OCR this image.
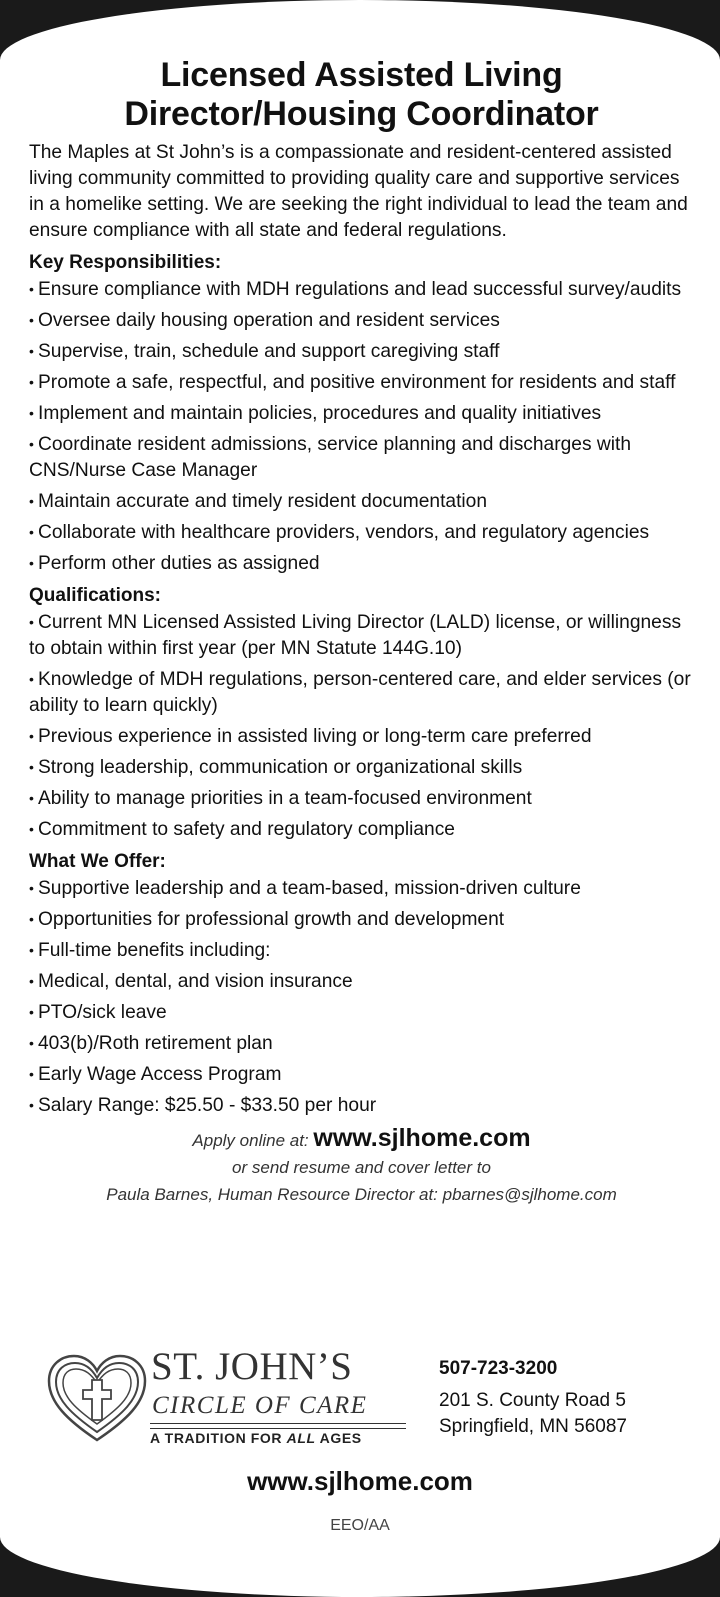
Licensed Assisted Living
Director/Housing Coordinator

The Maples at St John’s is a compassionate and resident-centered assisted living community committed to providing quality care and supportive services in a homelike setting. We are seeking the right individual to lead the team and ensure compliance with all state and federal regulations.

Key Responsibilities:

• Ensure compliance with MDH regulations and lead successful survey/audits
• Oversee daily housing operation and resident services
• Supervise, train, schedule and support caregiving staff
• Promote a safe, respectful, and positive environment for residents and staff
• Implement and maintain policies, procedures and quality initiatives
• Coordinate resident admissions, service planning and discharges with CNS/Nurse Case Manager
• Maintain accurate and timely resident documentation
• Collaborate with healthcare providers, vendors, and regulatory agencies
• Perform other duties as assigned

Qualifications:

• Current MN Licensed Assisted Living Director (LALD) license, or willingness to obtain within first year (per MN Statute 144G.10)
• Knowledge of MDH regulations, person-centered care, and elder services (or ability to learn quickly)
• Previous experience in assisted living or long-term care preferred
• Strong leadership, communication or organizational skills
• Ability to manage priorities in a team-focused environment
• Commitment to safety and regulatory compliance

What We Offer:

• Supportive leadership and a team-based, mission-driven culture
• Opportunities for professional growth and development
• Full-time benefits including:
• Medical, dental, and vision insurance
• PTO/sick leave
• 403(b)/Roth retirement plan
• Early Wage Access Program
• Salary Range: $25.50 - $33.50 per hour
Apply online at: www.sjlhome.com
or send resume and cover letter to
Paula Barnes, Human Resource Director at: pbarnes@sjlhome.com
ST. JOHN’S
CIRCLE OF CARE
A TRADITION FOR ALL AGES
507-723-3200
201 S. County Road 5
Springfield, MN 56087
www.sjlhome.com
EEO/AA
